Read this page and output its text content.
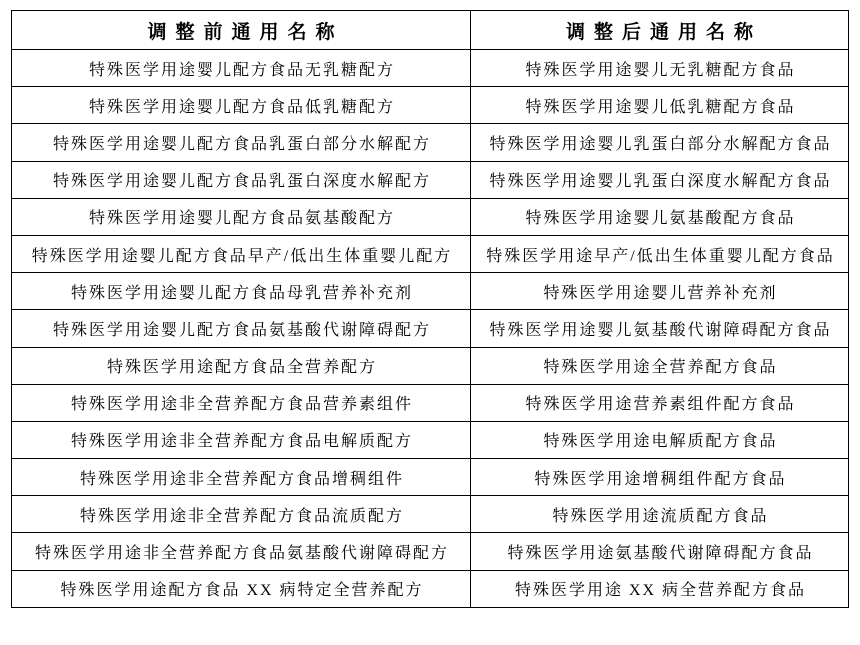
调整前通用名称	调整后通用名称
特殊医学用途婴儿配方食品无乳糖配方	特殊医学用途婴儿无乳糖配方食品
特殊医学用途婴儿配方食品低乳糖配方	特殊医学用途婴儿低乳糖配方食品
特殊医学用途婴儿配方食品乳蛋白部分水解配方	特殊医学用途婴儿乳蛋白部分水解配方食品
特殊医学用途婴儿配方食品乳蛋白深度水解配方	特殊医学用途婴儿乳蛋白深度水解配方食品
特殊医学用途婴儿配方食品氨基酸配方	特殊医学用途婴儿氨基酸配方食品
特殊医学用途婴儿配方食品早产/低出生体重婴儿配方	特殊医学用途早产/低出生体重婴儿配方食品
特殊医学用途婴儿配方食品母乳营养补充剂	特殊医学用途婴儿营养补充剂
特殊医学用途婴儿配方食品氨基酸代谢障碍配方	特殊医学用途婴儿氨基酸代谢障碍配方食品
特殊医学用途配方食品全营养配方	特殊医学用途全营养配方食品
特殊医学用途非全营养配方食品营养素组件	特殊医学用途营养素组件配方食品
特殊医学用途非全营养配方食品电解质配方	特殊医学用途电解质配方食品
特殊医学用途非全营养配方食品增稠组件	特殊医学用途增稠组件配方食品
特殊医学用途非全营养配方食品流质配方	特殊医学用途流质配方食品
特殊医学用途非全营养配方食品氨基酸代谢障碍配方	特殊医学用途氨基酸代谢障碍配方食品
特殊医学用途配方食品 XX 病特定全营养配方	特殊医学用途 XX 病全营养配方食品
